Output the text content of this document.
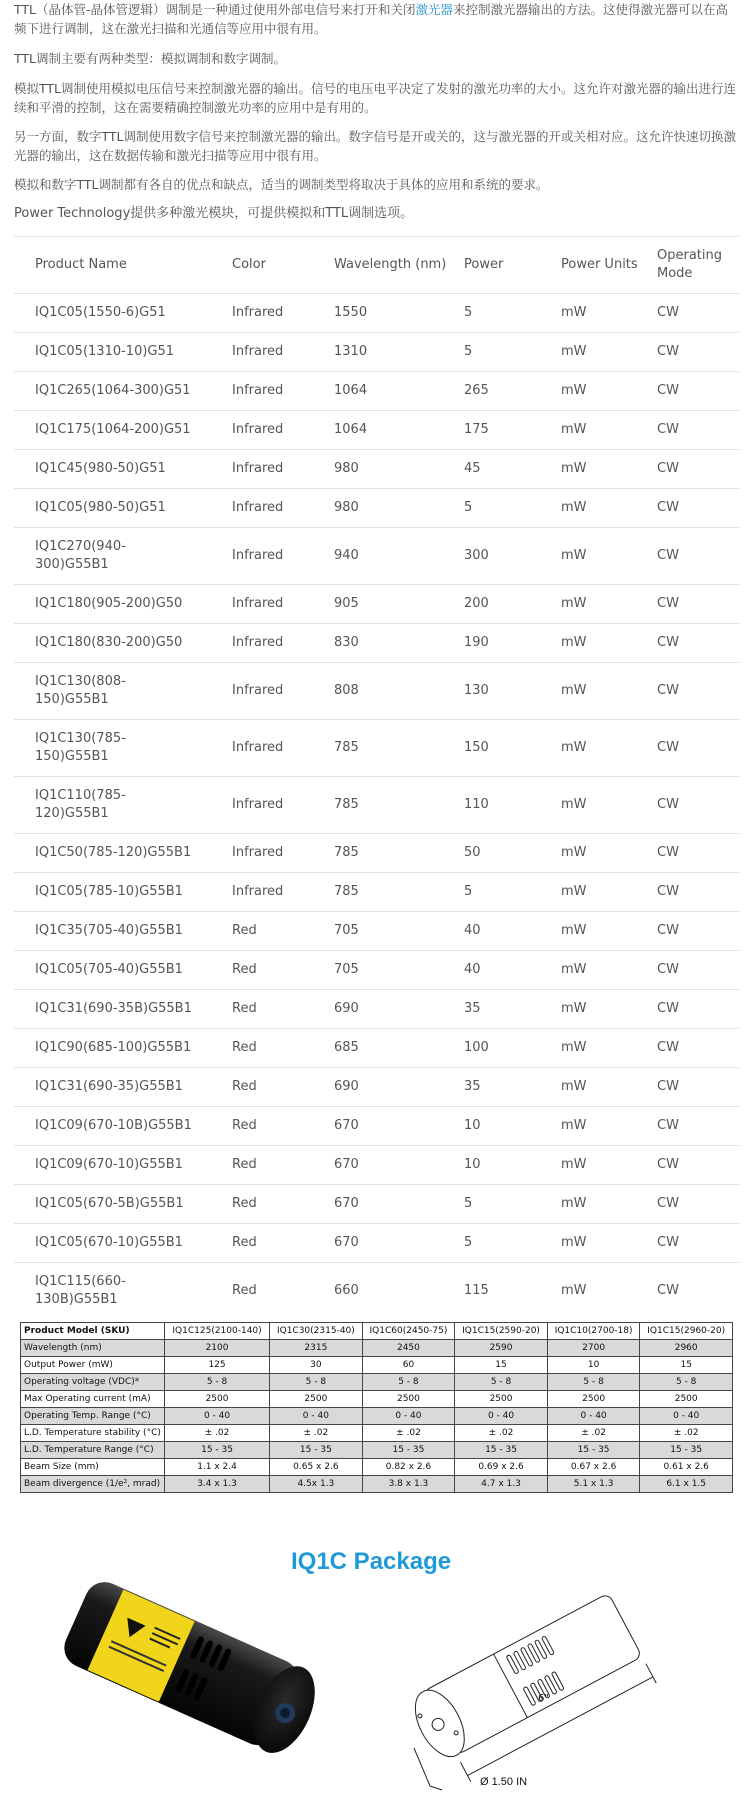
TTL（晶体管-晶体管逻辑）调制是一种通过使用外部电信号来打开和关闭激光器来控制激光器输出的方法。这使得激光器可以在高频下进行调制，这在激光扫描和光通信等应用中很有用。

TTL调制主要有两种类型：模拟调制和数字调制。

模拟TTL调制使用模拟电压信号来控制激光器的输出。信号的电压电平决定了发射的激光功率的大小。这允许对激光器的输出进行连续和平滑的控制，这在需要精确控制激光功率的应用中是有用的。

另一方面，数字TTL调制使用数字信号来控制激光器的输出。数字信号是开或关的，这与激光器的开或关相对应。这允许快速切换激光器的输出，这在数据传输和激光扫描等应用中很有用。

模拟和数字TTL调制都有各自的优点和缺点，适当的调制类型将取决于具体的应用和系统的要求。

Power Technology提供多种激光模块，可提供模拟和TTL调制选项。

Product Name	Color	Wavelength (nm)	Power	Power Units	Operating Mode
IQ1C05(1550-6)G51	Infrared	1550	5	mW	CW
IQ1C05(1310-10)G51	Infrared	1310	5	mW	CW
IQ1C265(1064-300)G51	Infrared	1064	265	mW	CW
IQ1C175(1064-200)G51	Infrared	1064	175	mW	CW
IQ1C45(980-50)G51	Infrared	980	45	mW	CW
IQ1C05(980-50)G51	Infrared	980	5	mW	CW
IQ1C270(940-
300)G55B1	Infrared	940	300	mW	CW
IQ1C180(905-200)G50	Infrared	905	200	mW	CW
IQ1C180(830-200)G50	Infrared	830	190	mW	CW
IQ1C130(808-
150)G55B1	Infrared	808	130	mW	CW
IQ1C130(785-
150)G55B1	Infrared	785	150	mW	CW
IQ1C110(785-
120)G55B1	Infrared	785	110	mW	CW
IQ1C50(785-120)G55B1	Infrared	785	50	mW	CW
IQ1C05(785-10)G55B1	Infrared	785	5	mW	CW
IQ1C35(705-40)G55B1	Red	705	40	mW	CW
IQ1C05(705-40)G55B1	Red	705	40	mW	CW
IQ1C31(690-35B)G55B1	Red	690	35	mW	CW
IQ1C90(685-100)G55B1	Red	685	100	mW	CW
IQ1C31(690-35)G55B1	Red	690	35	mW	CW
IQ1C09(670-10B)G55B1	Red	670	10	mW	CW
IQ1C09(670-10)G55B1	Red	670	10	mW	CW
IQ1C05(670-5B)G55B1	Red	670	5	mW	CW
IQ1C05(670-10)G55B1	Red	670	5	mW	CW
IQ1C115(660-
130B)G55B1	Red	660	115	mW	CW
Product Model (SKU)	IQ1C125(2100-140)	IQ1C30(2315-40)	IQ1C60(2450-75)	IQ1C15(2590-20)	IQ1C10(2700-18)	IQ1C15(2960-20)
Wavelength (nm)	2100	2315	2450	2590	2700	2960
Output Power (mW)	125	30	60	15	10	15
Operating voltage (VDC)*	5 - 8	5 - 8	5 - 8	5 - 8	5 - 8	5 - 8
Max Operating current (mA)	2500	2500	2500	2500	2500	2500
Operating Temp. Range (°C)	0 - 40	0 - 40	0 - 40	0 - 40	0 - 40	0 - 40
L.D. Temperature stability (°C)	± .02	± .02	± .02	± .02	± .02	± .02
L.D. Temperature Range (°C)	15 - 35	15 - 35	15 - 35	15 - 35	15 - 35	15 - 35
Beam Size (mm)	1.1 x 2.4	0.65 x 2.6	0.82 x 2.6	0.69 x 2.6	0.67 x 2.6	0.61 x 2.6
Beam divergence (1/e², mrad)	3.4 x 1.3	4.5x 1.3	3.8 x 1.3	4.7 x 1.3	5.1 x 1.3	6.1 x 1.5
IQ1C Package
6"
Ø 1.50 IN
